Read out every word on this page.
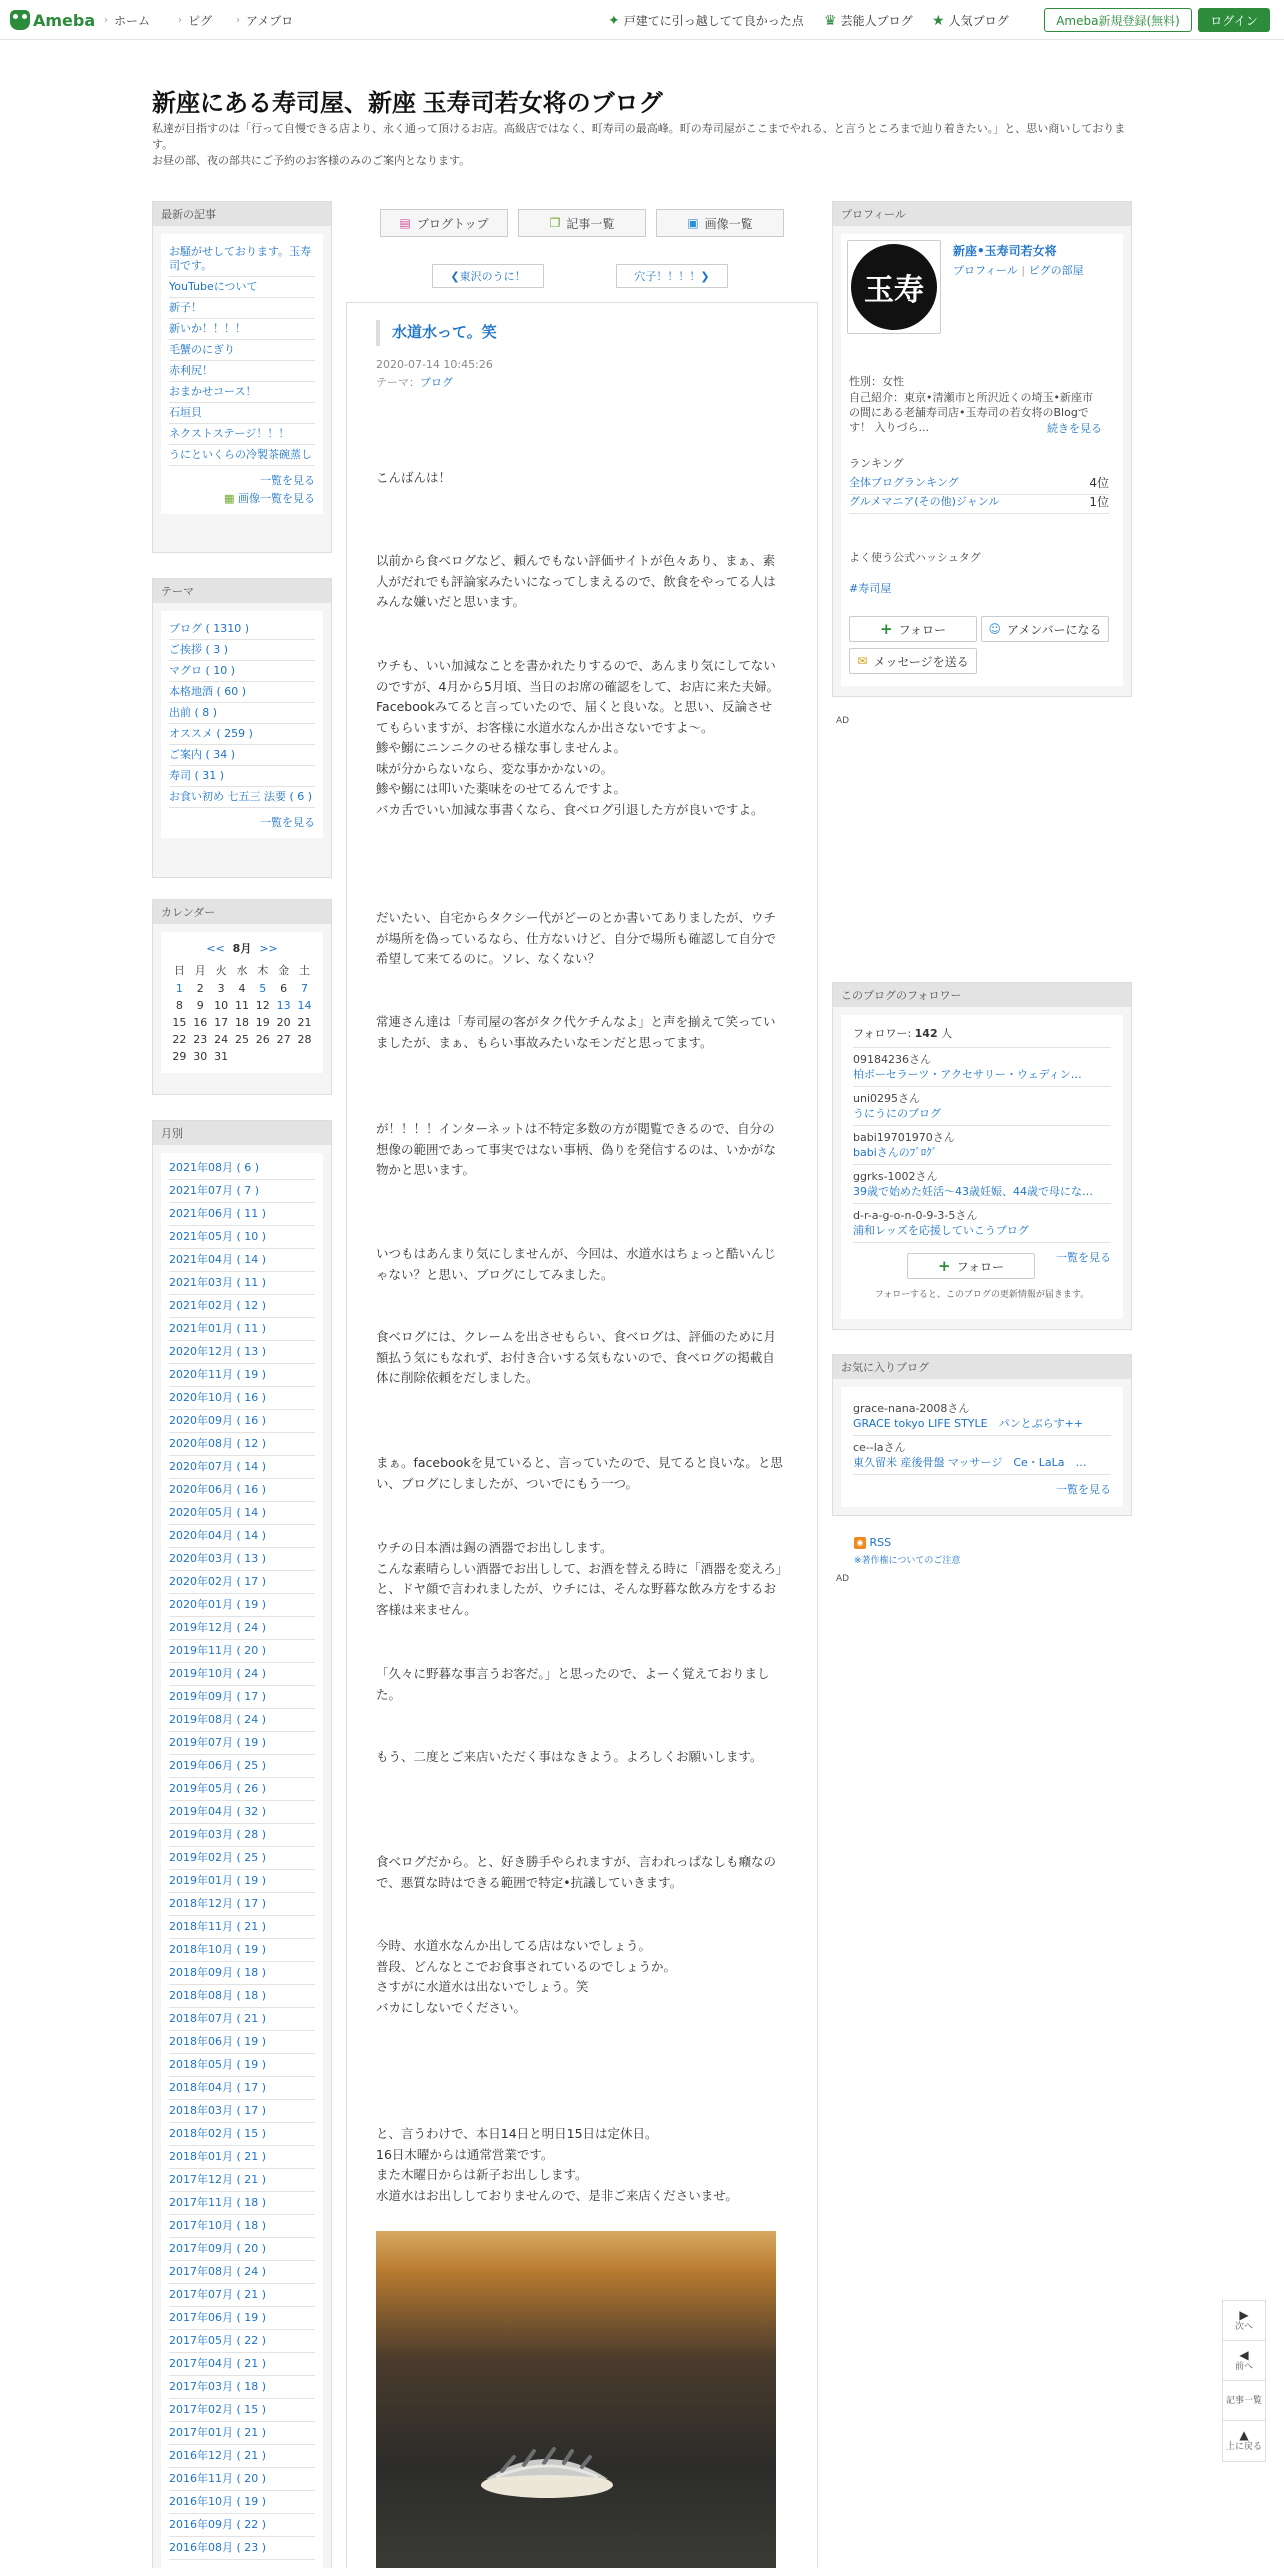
Ameba › ホーム	› ピグ › アメブロ	✦ 戸建てに引っ越してて良かった点 ♛ 芸能人ブログ ★ 人気ブログ	Ameba新規登録(無料)	ログイン
新座にある寿司屋、新座 玉寿司若女将のブログ
私達が目指すのは「行って自慢できる店より、永く通って頂けるお店。高級店ではなく、町寿司の最高峰。町の寿司屋がここまでやれる、と言うところまで辿り着きたい。」と、思い商いしております。
お昼の部、夜の部共にご予約のお客様のみのご案内となります。
最新の記事
お騒がせしております。玉寿司です。
YouTubeについて
新子！
新いか！！！！
毛蟹のにぎり
赤利尻！
おまかせコース！
石垣貝
ネクストステージ！！！
うにといくらの冷製茶碗蒸し
一覧を見る
▦ 画像一覧を見る
テーマ
ブログ ( 1310 )
ご挨拶 ( 3 )
マグロ ( 10 )
本格地酒 ( 60 )
出前 ( 8 )
オススメ ( 259 )
ご案内 ( 34 )
寿司 ( 31 )
お食い初め 七五三 法要 ( 6 )
一覧を見る
カレンダー
<< 8月 >>
日	月	火	水	木	金	土
1	2	3	4	5	6	7
8	9	10	11	12	13	14
15	16	17	18	19	20	21
22	23	24	25	26	27	28
29	30	31				
月別
2021年08月 ( 6 )
2021年07月 ( 7 )
2021年06月 ( 11 )
2021年05月 ( 10 )
2021年04月 ( 14 )
2021年03月 ( 11 )
2021年02月 ( 12 )
2021年01月 ( 11 )
2020年12月 ( 13 )
2020年11月 ( 19 )
2020年10月 ( 16 )
2020年09月 ( 16 )
2020年08月 ( 12 )
2020年07月 ( 14 )
2020年06月 ( 16 )
2020年05月 ( 14 )
2020年04月 ( 14 )
2020年03月 ( 13 )
2020年02月 ( 17 )
2020年01月 ( 19 )
2019年12月 ( 24 )
2019年11月 ( 20 )
2019年10月 ( 24 )
2019年09月 ( 17 )
2019年08月 ( 24 )
2019年07月 ( 19 )
2019年06月 ( 25 )
2019年05月 ( 26 )
2019年04月 ( 32 )
2019年03月 ( 28 )
2019年02月 ( 25 )
2019年01月 ( 19 )
2018年12月 ( 17 )
2018年11月 ( 21 )
2018年10月 ( 19 )
2018年09月 ( 18 )
2018年08月 ( 18 )
2018年07月 ( 21 )
2018年06月 ( 19 )
2018年05月 ( 19 )
2018年04月 ( 17 )
2018年03月 ( 17 )
2018年02月 ( 15 )
2018年01月 ( 21 )
2017年12月 ( 21 )
2017年11月 ( 18 )
2017年10月 ( 18 )
2017年09月 ( 20 )
2017年08月 ( 24 )
2017年07月 ( 21 )
2017年06月 ( 19 )
2017年05月 ( 22 )
2017年04月 ( 21 )
2017年03月 ( 18 )
2017年02月 ( 15 )
2017年01月 ( 21 )
2016年12月 ( 21 )
2016年11月 ( 20 )
2016年10月 ( 19 )
2016年09月 ( 22 )
2016年08月 ( 23 )
▤ ブログトップ	❐ 記事一覧	▣ 画像一覧
❮ 東沢のうに！	穴子！！！！ ❯
水道水って。笑
2020-07-14 10:45:26
テーマ：ブログ
こんばんは！
以前から食べログなど、頼んでもない評価サイトが色々あり、まぁ、素人がだれでも評論家みたいになってしまえるので、飲食をやってる人はみんな嫌いだと思います。
ウチも、いい加減なことを書かれたりするので、あんまり気にしてないのですが、4月から5月頃、当日のお席の確認をして、お店に来た夫婦。
Facebookみてると言っていたので、届くと良いな。と思い、反論させてもらいますが、お客様に水道水なんか出さないですよ〜。
鯵や鰯にニンニクのせる様な事しませんよ。
味が分からないなら、変な事かかないの。
鯵や鰯には叩いた薬味をのせてるんですよ。
バカ舌でいい加減な事書くなら、食べログ引退した方が良いですよ。
だいたい、自宅からタクシー代がどーのとか書いてありましたが、ウチが場所を偽っているなら、仕方ないけど、自分で場所も確認して自分で希望して来てるのに。ソレ、なくない？
常連さん達は「寿司屋の客がタク代ケチんなよ」と声を揃えて笑っていましたが、まぁ、もらい事故みたいなモンだと思ってます。
が！！！！インターネットは不特定多数の方が閲覧できるので、自分の想像の範囲であって事実ではない事柄、偽りを発信するのは、いかがな物かと思います。
いつもはあんまり気にしませんが、今回は、水道水はちょっと酷いんじゃない？と思い、ブログにしてみました。
食べログには、クレームを出させもらい、食べログは、評価のために月額払う気にもなれず、お付き合いする気もないので、食べログの掲載自体に削除依頼をだしました。
まぁ。facebookを見ていると、言っていたので、見てると良いな。と思い、ブログにしましたが、ついでにもう一つ。
ウチの日本酒は錫の酒器でお出しします。
こんな素晴らしい酒器でお出しして、お酒を替える時に「酒器を変えろ」と、ドヤ顔で言われましたが、ウチには、そんな野暮な飲み方をするお客様は来ません。
「久々に野暮な事言うお客だ。」と思ったので、よーく覚えておりました。
もう、二度とご来店いただく事はなきよう。よろしくお願いします。
食べログだから。と、好き勝手やられますが、言われっぱなしも癪なので、悪質な時はできる範囲で特定•抗議していきます。
今時、水道水なんか出してる店はないでしょう。
普段、どんなとこでお食事されているのでしょうか。
さすがに水道水は出ないでしょう。笑
バカにしないでください。
と、言うわけで、本日14日と明日15日は定休日。
16日木曜からは通常営業です。
また木曜日からは新子お出しします。
水道水はお出ししておりませんので、是非ご来店くださいませ。
プロフィール
玉寿
新座•玉寿司若女将
プロフィール | ピグの部屋
性別：女性
自己紹介：東京•清瀬市と所沢近くの埼玉•新座市の間にある老舗寿司店•玉寿司の若女将のBlogです！ 入りづら...	続きを見る
ランキング
全体ブログランキング	4位
グルメマニア(その他)ジャンル	1位
よく使う公式ハッシュタグ
#寿司屋
+ フォロー	☺ アメンバーになる
✉ メッセージを送る
AD
このブログのフォロワー
フォロワー: 142 人
09184236さん
柏ボーセラーツ・アクセサリー・ウェディン…
uni0295さん
うにうにのブログ
babi19701970さん
babiさんのﾌﾞﾛｸﾞ
ggrks-1002さん
39歳で始めた妊活～43歳妊娠、44歳で母にな…
d-r-a-g-o-n-0-9-3-5さん
浦和レッズを応援していこうブログ
一覧を見る
+ フォロー
フォローすると、このブログの更新情報が届きます。
お気に入りブログ
grace-nana-2008さん
GRACE tokyo LIFE STYLE　パンとぶらす++
ce--laさん
東久留米 産後骨盤 マッサージ　Ce・LaLa　…
一覧を見る
◉ RSS
※著作権についてのご注意
AD
▶
次へ
◀
前へ
記事一覧
▲
上に戻る
